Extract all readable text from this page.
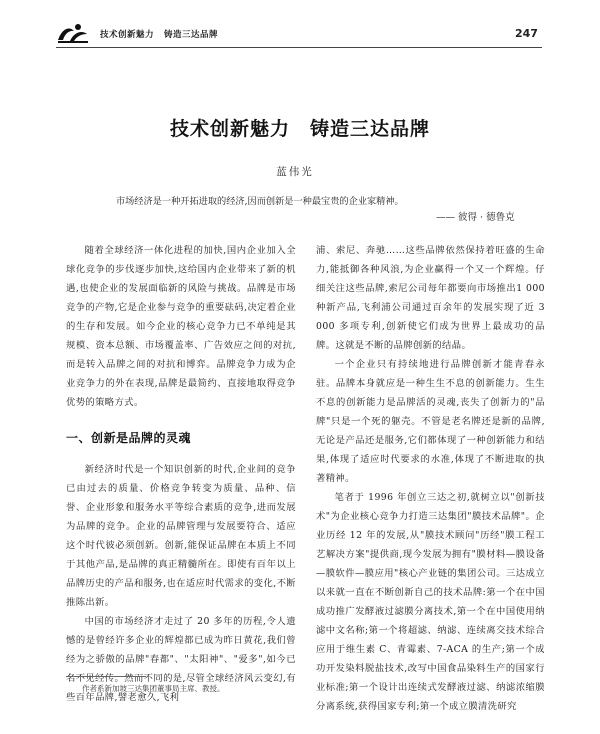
技术创新魅力 铸造三达品牌	247
技术创新魅力　铸造三达品牌
蓝伟光
市场经济是一种开拓进取的经济,因而创新是一种最宝贵的企业家精神。
—— 彼得 · 德鲁克

随着全球经济一体化进程的加快,国内企业加入全球化竞争的步伐逐步加快,这给国内企业带来了新的机遇,也使企业的发展面临新的风险与挑战。品牌是市场竞争的产物,它是企业参与竞争的重要砝码,决定着企业的生存和发展。如今企业的核心竞争力已不单纯是其规模、资本总额、市场覆盖率、广告效应之间的对抗,而是转入品牌之间的对抗和博弈。品牌竞争力成为企业竞争力的外在表现,品牌是最简约、直接地取得竞争优势的策略方式。

一、创新是品牌的灵魂

新经济时代是一个知识创新的时代,企业间的竞争已由过去的质量、价格竞争转变为质量、品种、信誉、企业形象和服务水平等综合素质的竞争,进而发展为品牌的竞争。企业的品牌管理与发展要符合、适应这个时代彼必须创新。创新,能保证品牌在本质上不同于其他产品,是品牌的真正精髓所在。即使有百年以上品牌历史的产品和服务,也在适应时代需求的变化,不断推陈出新。

中国的市场经济才走过了 20 多年的历程,令人遗憾的是曾经许多企业的辉煌都已成为昨日黄花,我们曾经为之骄傲的品牌"春都"、"太阳神"、"爱多",如今已名不见经传。然而不同的是,尽管全球经济风云变幻,有些百年品牌,譬老愈久,飞利

浦、索尼、奔驰……这些品牌依然保持着旺盛的生命力,能抵御各种风浪,为企业赢得一个又一个辉煌。仔细关注这些品牌,索尼公司每年都要向市场推出1 000种新产品,飞利浦公司通过百余年的发展实现了近 3 000 多项专利,创新使它们成为世界上最成功的品牌。这就是不断的品牌创新的结晶。

一个企业只有持续地进行品牌创新才能青春永驻。品牌本身就应是一种生生不息的创新能力。生生不息的创新能力是品牌活的灵魂,丧失了创新力的"品牌"只是一个死的躯壳。不管是老名牌还是新的品牌,无论是产品还是服务,它们都体现了一种创新能力和结果,体现了适应时代要求的水准,体现了不断进取的执著精神。

笔者于 1996 年创立三达之初,就树立以"创新技术"为企业核心竞争力打造三达集团"膜技术品牌"。企业历经 12 年的发展,从"膜技术顾问"历经"膜工程工艺解决方案"提供商,现今发展为拥有"膜材料—膜设备—膜软件—膜应用"核心产业链的集团公司。三达成立以来就一直在不断创新自己的技术品牌:第一个在中国成功推广发酵液过滤膜分离技术,第一个在中国使用纳滤中文名称;第一个将超滤、纳滤、连续离交技术综合应用于维生素 C、青霉素、7-ACA 的生产;第一个成功开发染料脱盐技术,改写中国食品染料生产的国家行业标准;第一个设计出连续式发酵液过滤、纳滤浓缩膜分离系统,获得国家专利;第一个成立膜清洗研究

作者系新加坡三达集团董事局主席、教授。
